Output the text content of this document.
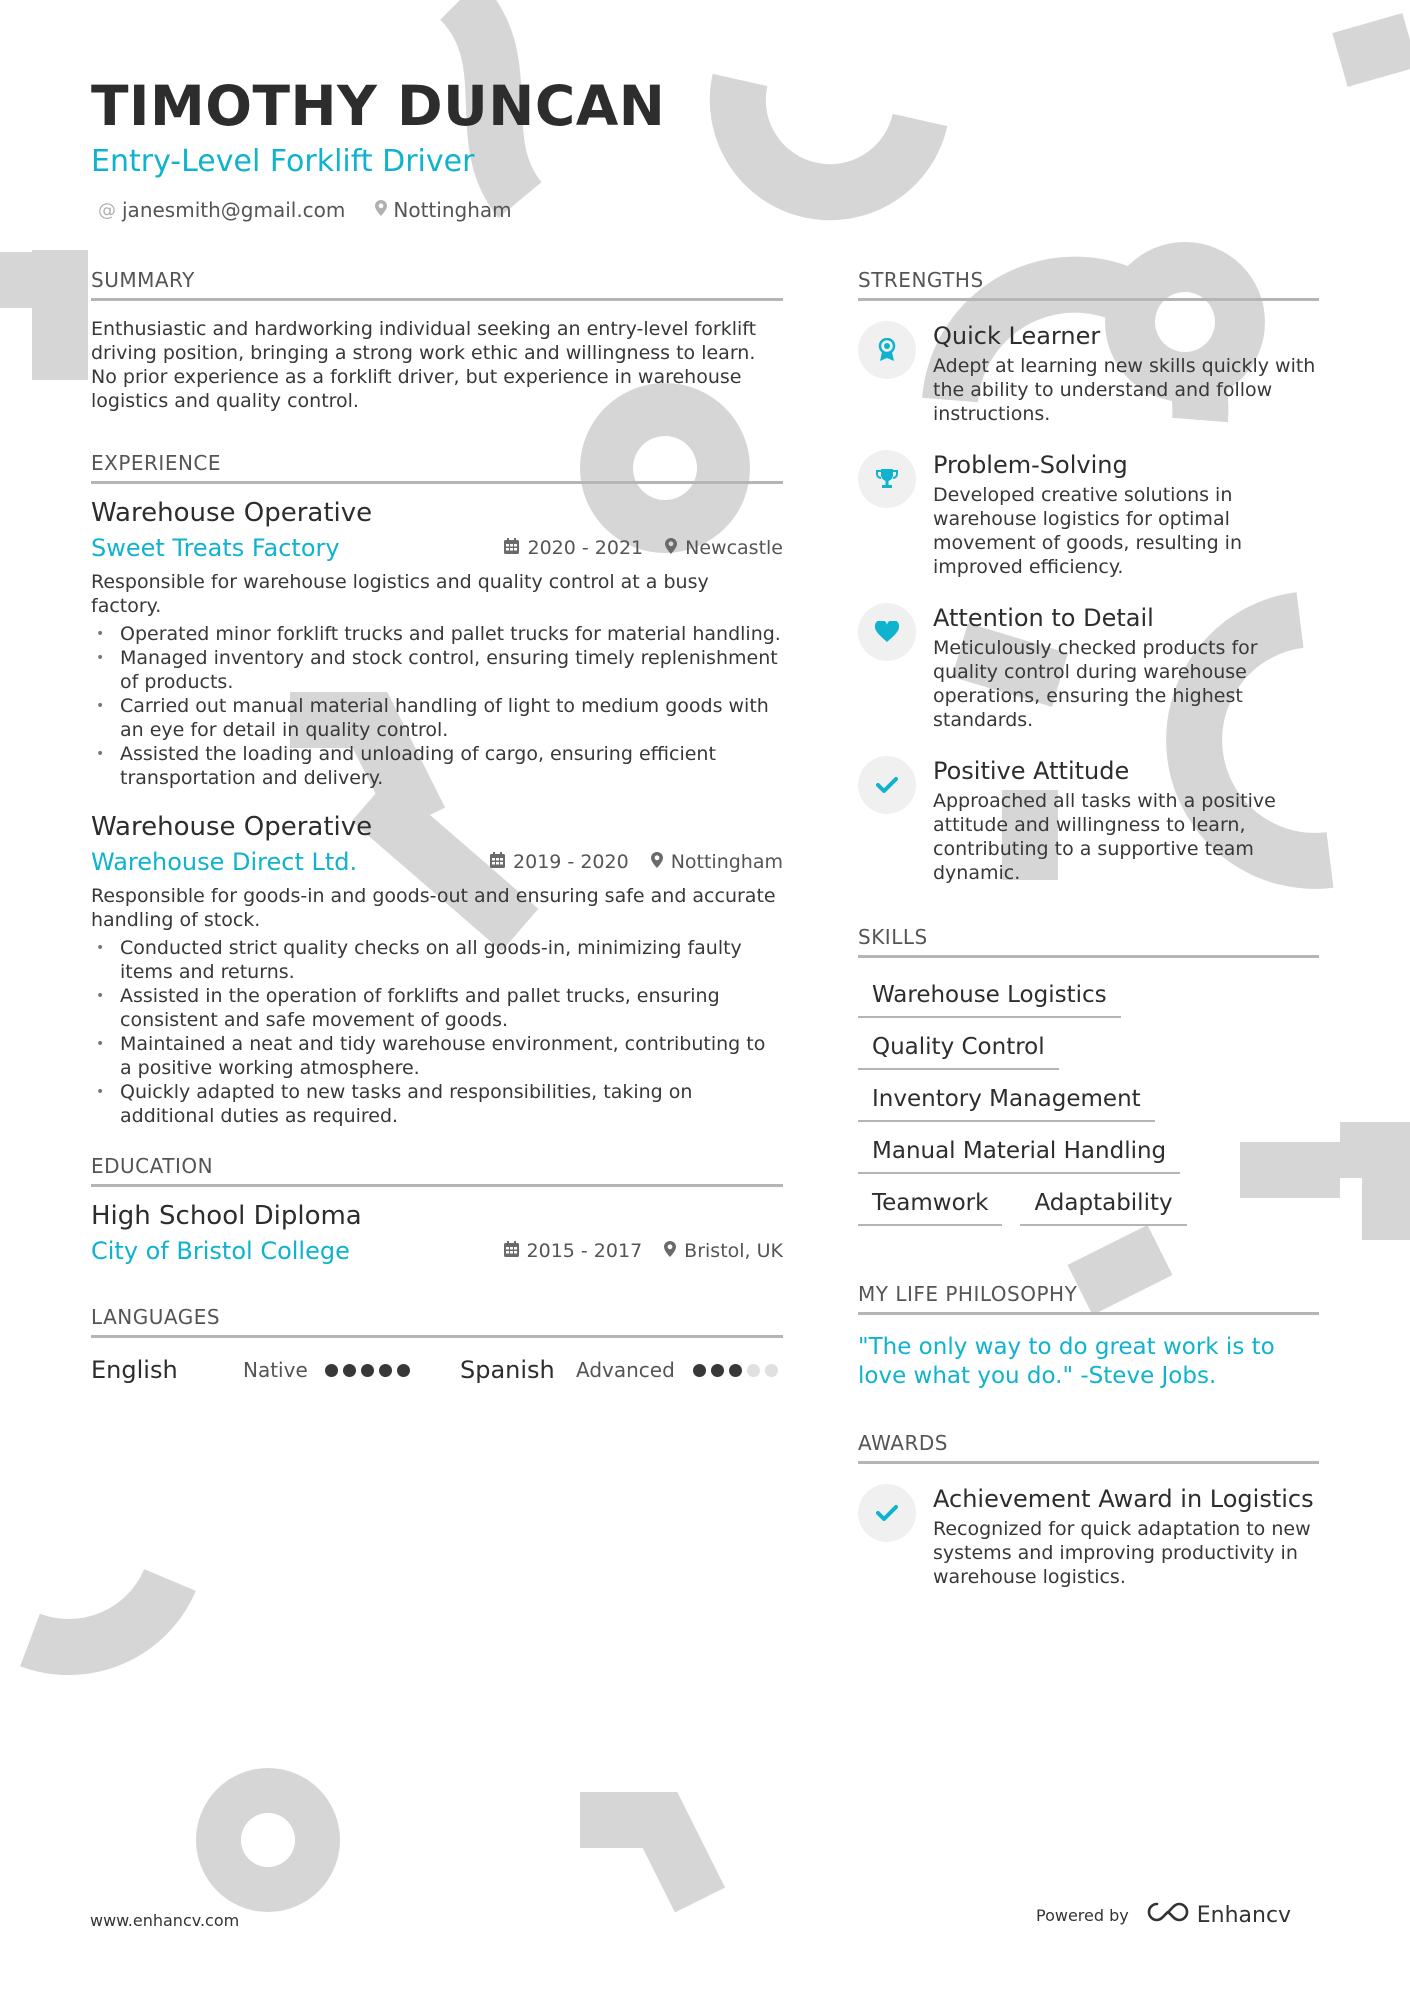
TIMOTHY DUNCAN
Entry-Level Forklift Driver
@ janesmith@gmail.com Nottingham
SUMMARY

Enthusiastic and hardworking individual seeking an entry-level forklift driving position, bringing a strong work ethic and willingness to learn. No prior experience as a forklift driver, but experience in warehouse logistics and quality control.

EXPERIENCE
Warehouse Operative
Sweet Treats Factory	2020 - 2021 Newcastle

Responsible for warehouse logistics and quality control at a busy factory.

• Operated minor forklift trucks and pallet trucks for material handling.
• Managed inventory and stock control, ensuring timely replenishment of products.
• Carried out manual material handling of light to medium goods with an eye for detail in quality control.
• Assisted the loading and unloading of cargo, ensuring efficient transportation and delivery.
Warehouse Operative
Warehouse Direct Ltd.	2019 - 2020 Nottingham

Responsible for goods-in and goods-out and ensuring safe and accurate handling of stock.

• Conducted strict quality checks on all goods-in, minimizing faulty items and returns.
• Assisted in the operation of forklifts and pallet trucks, ensuring consistent and safe movement of goods.
• Maintained a neat and tidy warehouse environment, contributing to a positive working atmosphere.
• Quickly adapted to new tasks and responsibilities, taking on additional duties as required.
EDUCATION
High School Diploma
City of Bristol College	2015 - 2017 Bristol, UK
LANGUAGES
English	Native	Spanish	Advanced
STRENGTHS
Quick Learner
Adept at learning new skills quickly with the ability to understand and follow instructions.
Problem-Solving
Developed creative solutions in warehouse logistics for optimal movement of goods, resulting in improved efficiency.
Attention to Detail
Meticulously checked products for quality control during warehouse operations, ensuring the highest standards.
Positive Attitude
Approached all tasks with a positive attitude and willingness to learn, contributing to a supportive team dynamic.
SKILLS
Warehouse Logistics
Quality Control
Inventory Management
Manual Material Handling
Teamwork	Adaptability
MY LIFE PHILOSOPHY

"The only way to do great work is to love what you do." -Steve Jobs.

AWARDS
Achievement Award in Logistics
Recognized for quick adaptation to new systems and improving productivity in warehouse logistics.
www.enhancv.com	Powered by	Enhancv
